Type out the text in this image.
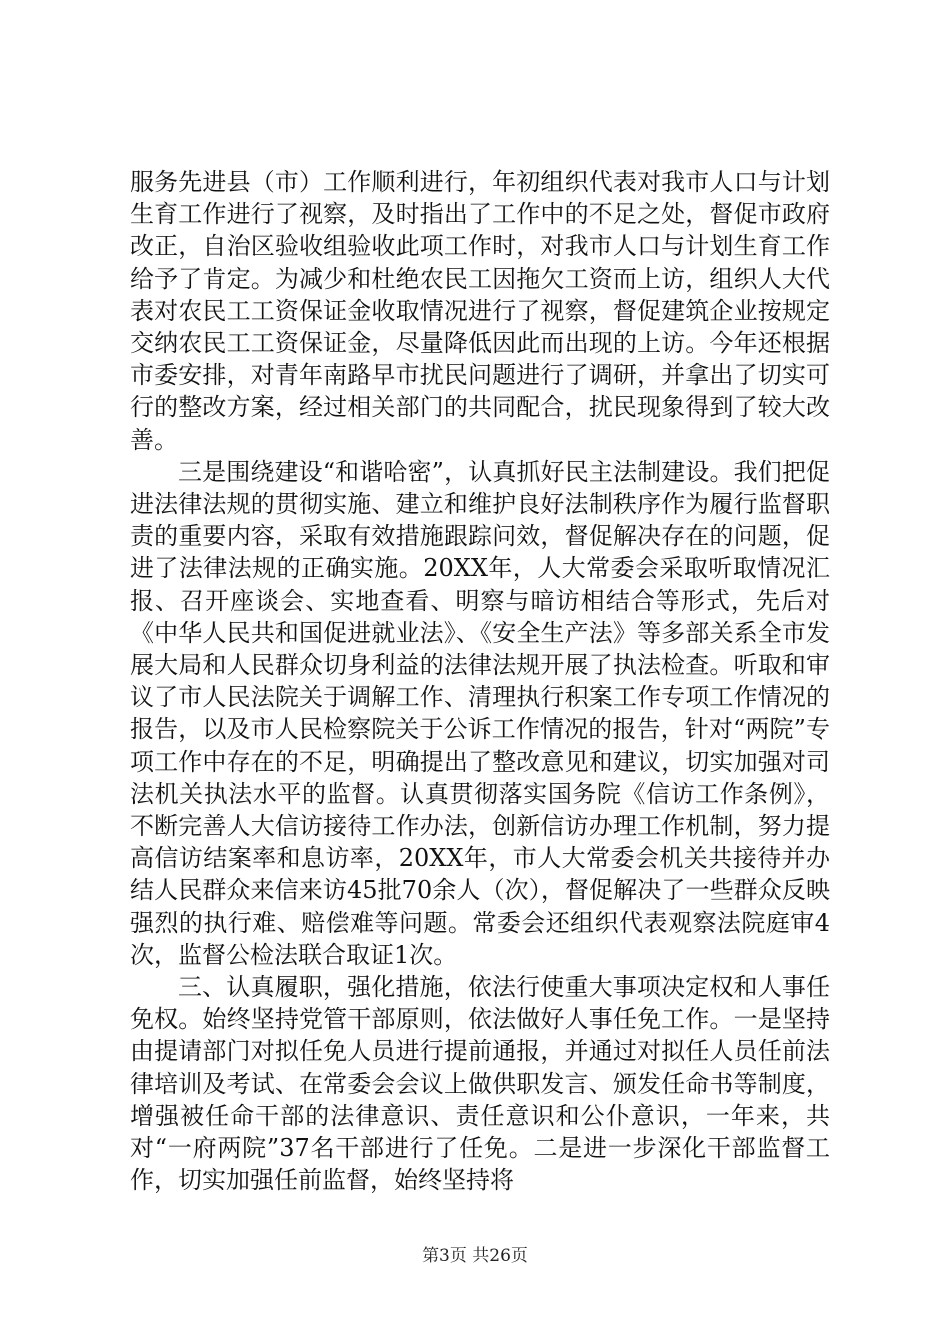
服务先进县（市）工作顺利进行，年初组织代表对我市人口与计划生育工作进行了视察，及时指出了工作中的不足之处，督促市政府改正，自治区验收组验收此项工作时，对我市人口与计划生育工作给予了肯定。为减少和杜绝农民工因拖欠工资而上访，组织人大代表对农民工工资保证金收取情况进行了视察，督促建筑企业按规定交纳农民工工资保证金，尽量降低因此而出现的上访。今年还根据市委安排，对青年南路早市扰民问题进行了调研，并拿出了切实可行的整改方案，经过相关部门的共同配合，扰民现象得到了较大改善。

三是围绕建设“和谐哈密”，认真抓好民主法制建设。我们把促进法律法规的贯彻实施、建立和维护良好法制秩序作为履行监督职责的重要内容，采取有效措施跟踪问效，督促解决存在的问题，促进了法律法规的正确实施。20XX年，人大常委会采取听取情况汇报、召开座谈会、实地查看、明察与暗访相结合等形式，先后对《中华人民共和国促进就业法》、《安全生产法》等多部关系全市发展大局和人民群众切身利益的法律法规开展了执法检查。听取和审议了市人民法院关于调解工作、清理执行积案工作专项工作情况的报告，以及市人民检察院关于公诉工作情况的报告，针对“两院”专项工作中存在的不足，明确提出了整改意见和建议，切实加强对司法机关执法水平的监督。认真贯彻落实国务院《信访工作条例》，不断完善人大信访接待工作办法，创新信访办理工作机制，努力提高信访结案率和息访率，20XX年，市人大常委会机关共接待并办结人民群众来信来访45批70余人（次），督促解决了一些群众反映强烈的执行难、赔偿难等问题。常委会还组织代表观察法院庭审4次，监督公检法联合取证1次。

三、认真履职，强化措施，依法行使重大事项决定权和人事任免权。始终坚持党管干部原则，依法做好人事任免工作。一是坚持由提请部门对拟任免人员进行提前通报，并通过对拟任人员任前法律培训及考试、在常委会会议上做供职发言、颁发任命书等制度，增强被任命干部的法律意识、责任意识和公仆意识，一年来，共对“一府两院”37名干部进行了任免。二是进一步深化干部监督工作，切实加强任前监督，始终坚持将

第3页 共26页
